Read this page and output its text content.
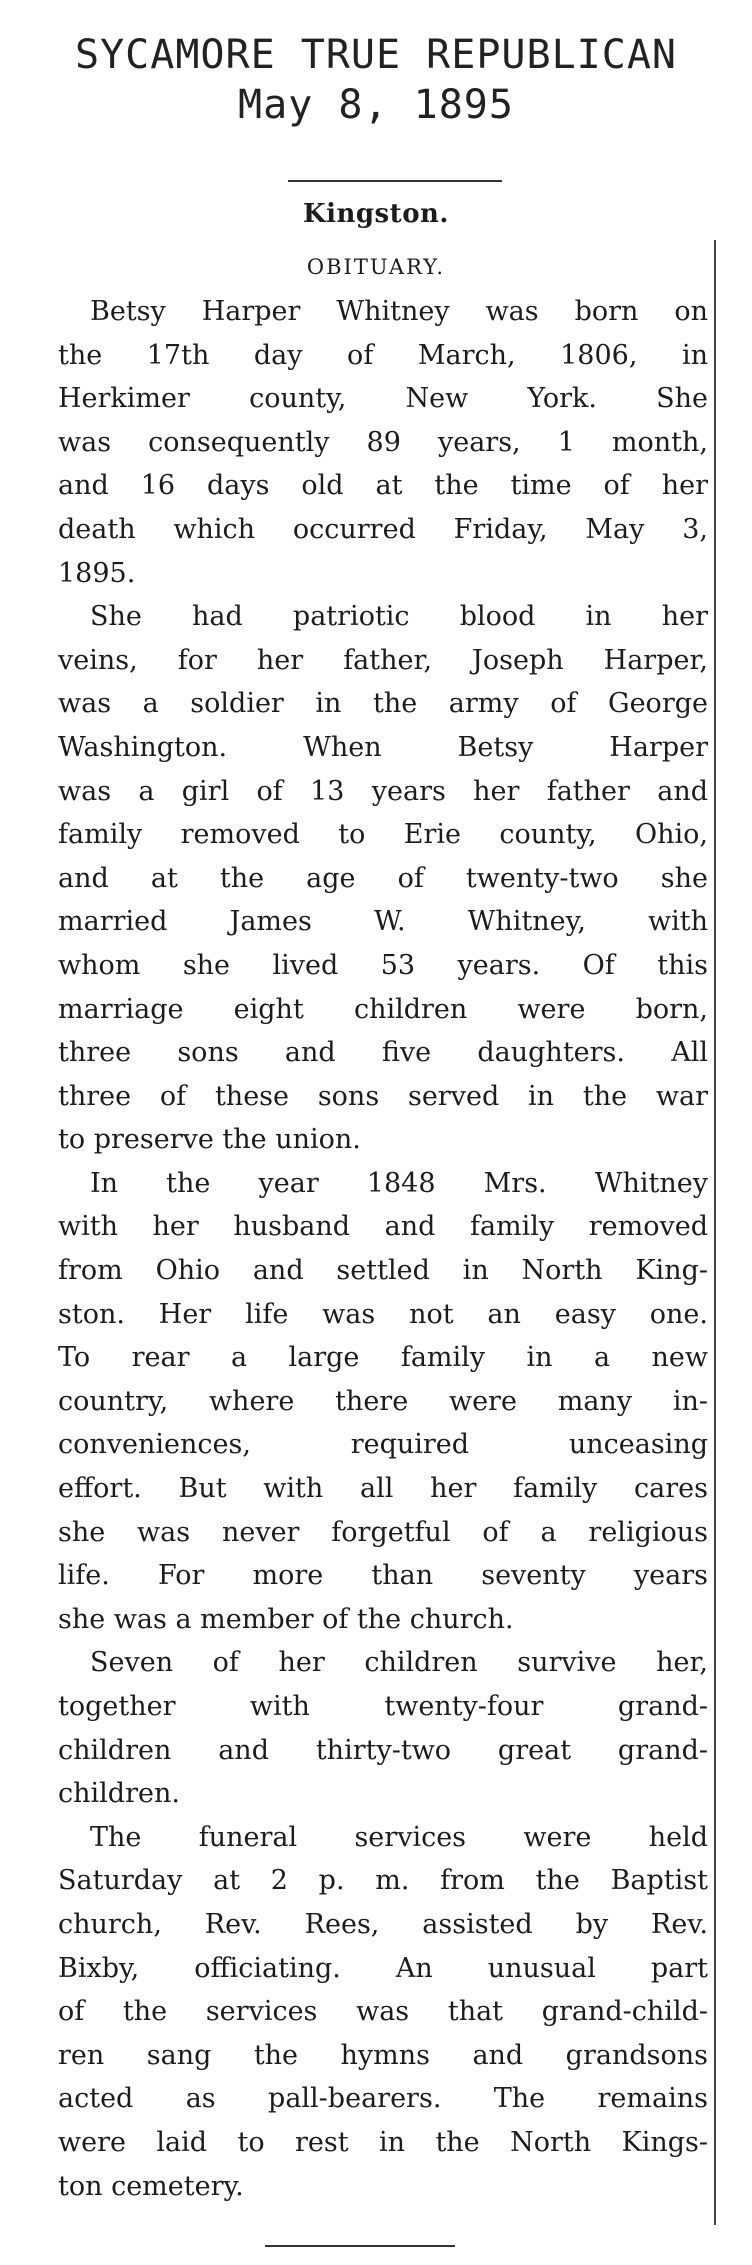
SYCAMORE TRUE REPUBLICAN
May 8, 1895
Kingston.
OBITUARY.
Betsy Harper Whitney was born on
the 17th day of March, 1806, in
Herkimer county, New York. She
was consequently 89 years, 1 month,
and 16 days old at the time of her
death which occurred Friday, May 3,
1895.
She had patriotic blood in her
veins, for her father, Joseph Harper,
was a soldier in the army of George
Washington. When Betsy Harper
was a girl of 13 years her father and
family removed to Erie county, Ohio,
and at the age of twenty-two she
married James W. Whitney, with
whom she lived 53 years. Of this
marriage eight children were born,
three sons and five daughters. All
three of these sons served in the war
to preserve the union.
In the year 1848 Mrs. Whitney
with her husband and family removed
from Ohio and settled in North King-
ston. Her life was not an easy one.
To rear a large family in a new
country, where there were many in-
conveniences, required unceasing
effort. But with all her family cares
she was never forgetful of a religious
life. For more than seventy years
she was a member of the church.
Seven of her children survive her,
together with twenty-four grand-
children and thirty-two great grand-
children.
The funeral services were held
Saturday at 2 p. m. from the Baptist
church, Rev. Rees, assisted by Rev.
Bixby, officiating. An unusual part
of the services was that grand-child-
ren sang the hymns and grandsons
acted as pall-bearers. The remains
were laid to rest in the North Kings-
ton cemetery.
